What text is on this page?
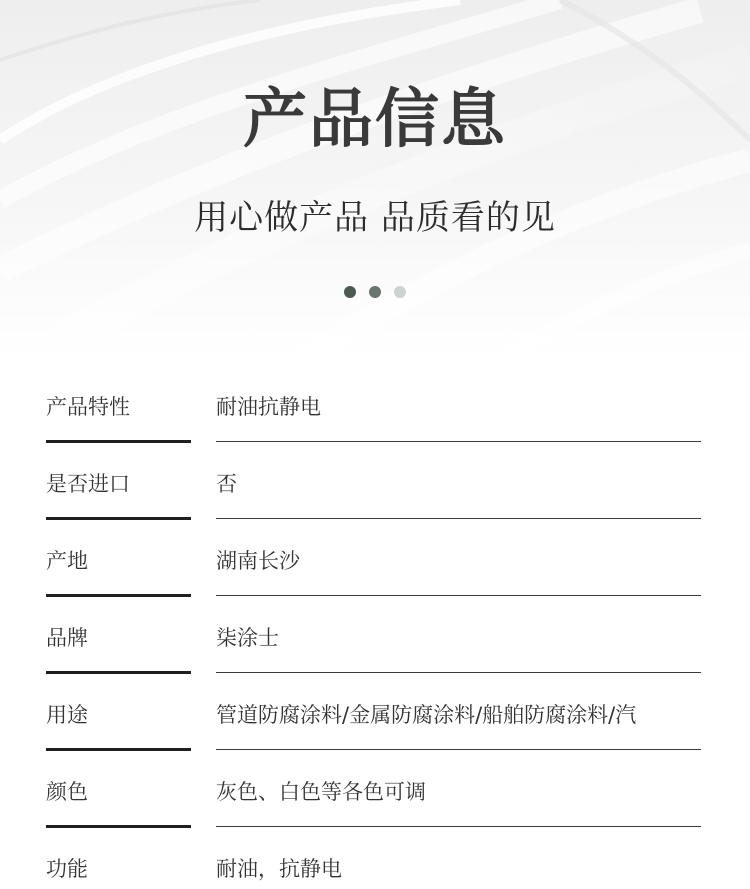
产品信息
用心做产品 品质看的见
产品特性	耐油抗静电
是否进口	否
产地	湖南长沙
品牌	柒涂士
用途	管道防腐涂料/金属防腐涂料/船舶防腐涂料/汽
颜色	灰色、白色等各色可调
功能	耐油，抗静电
